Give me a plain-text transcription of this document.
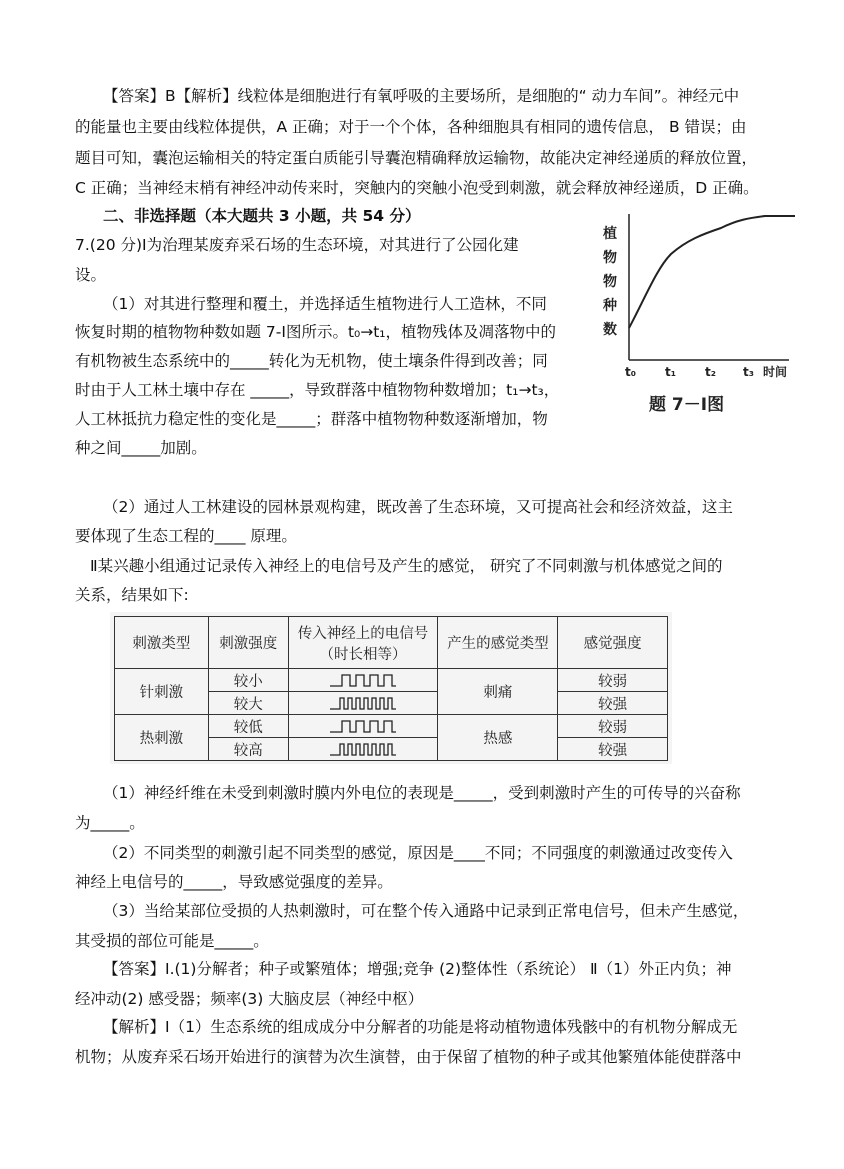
【答案】B【解析】线粒体是细胞进行有氧呼吸的主要场所，是细胞的“ 动力车间”。神经元中
的能量也主要由线粒体提供，A 正确；对于一个个体，各种细胞具有相同的遗传信息， B 错误；由
题目可知，囊泡运输相关的特定蛋白质能引导囊泡精确释放运输物，故能决定神经递质的释放位置，
C 正确；当神经末梢有神经冲动传来时，突触内的突触小泡受到刺激，就会释放神经递质，D 正确。
二、非选择题（本大题共 3 小题，共 54 分）
7.(20 分)Ⅰ为治理某废弃采石场的生态环境，对其进行了公园化建
设。
（1）对其进行整理和覆土，并选择适生植物进行人工造林，不同
恢复时期的植物物种数如题 7-Ⅰ图所示。t₀→t₁，植物残体及凋落物中的
有机物被生态系统中的_____转化为无机物，使土壤条件得到改善；同
时由于人工林土壤中存在 _____，导致群落中植物物种数增加；t₁→t₃，
人工林抵抗力稳定性的变化是_____；群落中植物物种数逐渐增加，物
种之间_____加剧。
植
物
物
种
数
t₀ t₁ t₂ t₃ 时间
题 7－Ⅰ图
（2）通过人工林建设的园林景观构建，既改善了生态环境，又可提高社会和经济效益，这主
要体现了生态工程的____ 原理。
Ⅱ某兴趣小组通过记录传入神经上的电信号及产生的感觉， 研究了不同刺激与机体感觉之间的
关系，结果如下:
刺激类型	刺激强度	传入神经上的电信号
（时长相等）	产生的感觉类型	感觉强度
针刺激	较小		刺痛	较弱
	较大			较强
热刺激	较低		热感	较弱
	较高			较强
（1）神经纤维在未受到刺激时膜内外电位的表现是_____，受到刺激时产生的可传导的兴奋称
为_____。
（2）不同类型的刺激引起不同类型的感觉，原因是____不同；不同强度的刺激通过改变传入
神经上电信号的_____，导致感觉强度的差异。
（3）当给某部位受损的人热刺激时，可在整个传入通路中记录到正常电信号，但未产生感觉，
其受损的部位可能是_____。
【答案】Ⅰ.(1)分解者；种子或繁殖体；增强;竞争 (2)整体性（系统论） Ⅱ（1）外正内负；神
经冲动(2) 感受器；频率(3) 大脑皮层（神经中枢）
【解析】Ⅰ（1）生态系统的组成成分中分解者的功能是将动植物遗体残骸中的有机物分解成无
机物；从废弃采石场开始进行的演替为次生演替，由于保留了植物的种子或其他繁殖体能使群落中
